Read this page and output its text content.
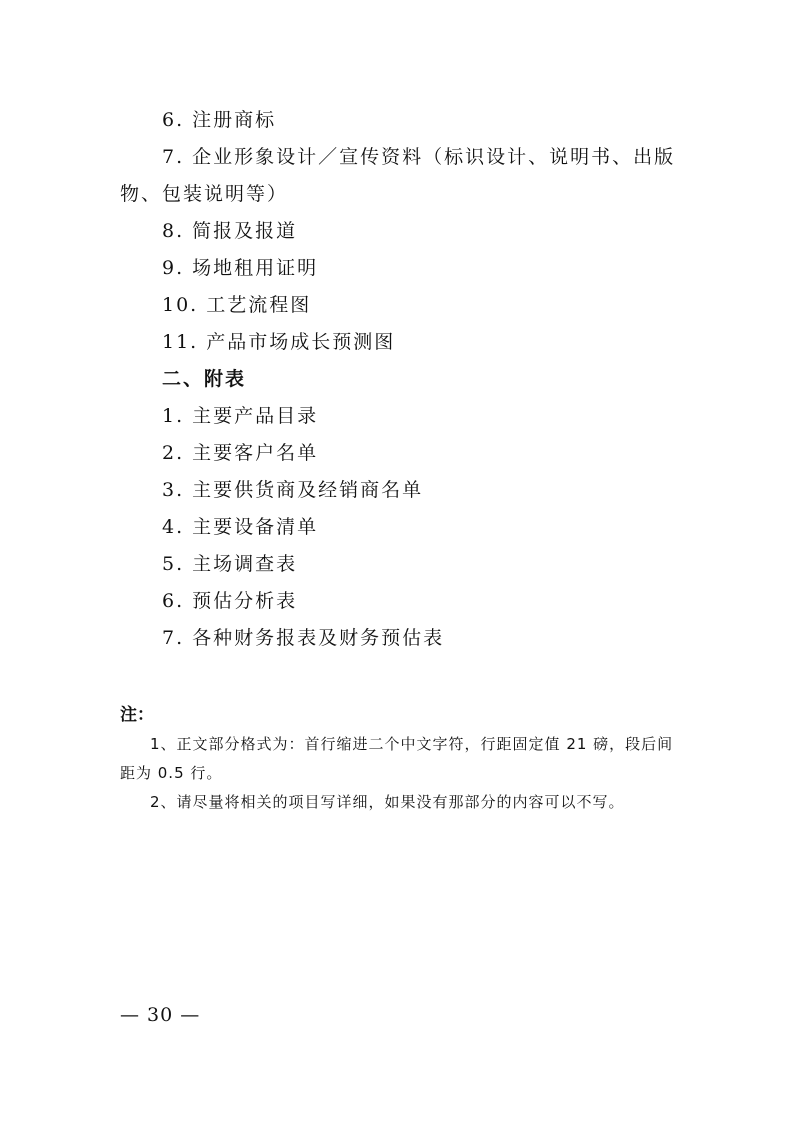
6. 注册商标
7. 企业形象设计／宣传资料（标识设计、说明书、出版物、包装说明等）
8. 简报及报道
9. 场地租用证明
10. 工艺流程图
11. 产品市场成长预测图
二、附表
1. 主要产品目录
2. 主要客户名单
3. 主要供货商及经销商名单
4. 主要设备清单
5. 主场调查表
6. 预估分析表
7. 各种财务报表及财务预估表
注：

1、正文部分格式为：首行缩进二个中文字符，行距固定值 21 磅，段后间距为 0.5 行。

2、请尽量将相关的项目写详细，如果没有那部分的内容可以不写。

— 30 —
